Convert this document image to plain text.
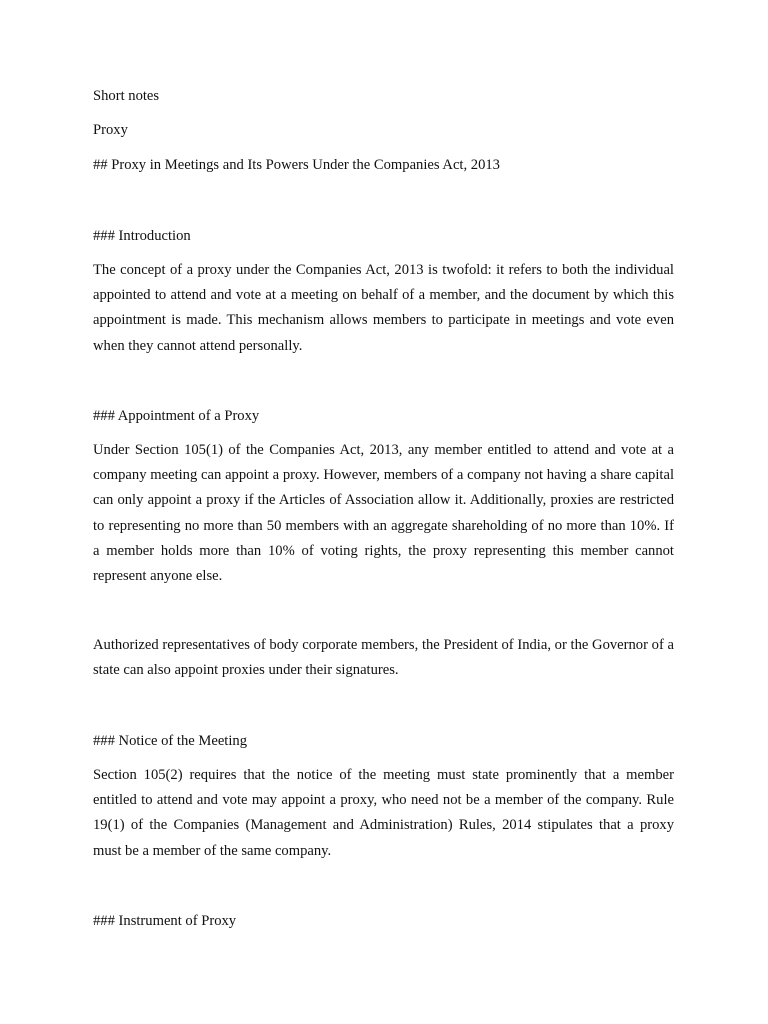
Short notes

Proxy

## Proxy in Meetings and Its Powers Under the Companies Act, 2013

### Introduction

The concept of a proxy under the Companies Act, 2013 is twofold: it refers to both the individual appointed to attend and vote at a meeting on behalf of a member, and the document by which this appointment is made. This mechanism allows members to participate in meetings and vote even when they cannot attend personally.

### Appointment of a Proxy

Under Section 105(1) of the Companies Act, 2013, any member entitled to attend and vote at a company meeting can appoint a proxy. However, members of a company not having a share capital can only appoint a proxy if the Articles of Association allow it. Additionally, proxies are restricted to representing no more than 50 members with an aggregate shareholding of no more than 10%. If a member holds more than 10% of voting rights, the proxy representing this member cannot represent anyone else.

Authorized representatives of body corporate members, the President of India, or the Governor of a state can also appoint proxies under their signatures.

### Notice of the Meeting

Section 105(2) requires that the notice of the meeting must state prominently that a member entitled to attend and vote may appoint a proxy, who need not be a member of the company. Rule 19(1) of the Companies (Management and Administration) Rules, 2014 stipulates that a proxy must be a member of the same company.

### Instrument of Proxy
